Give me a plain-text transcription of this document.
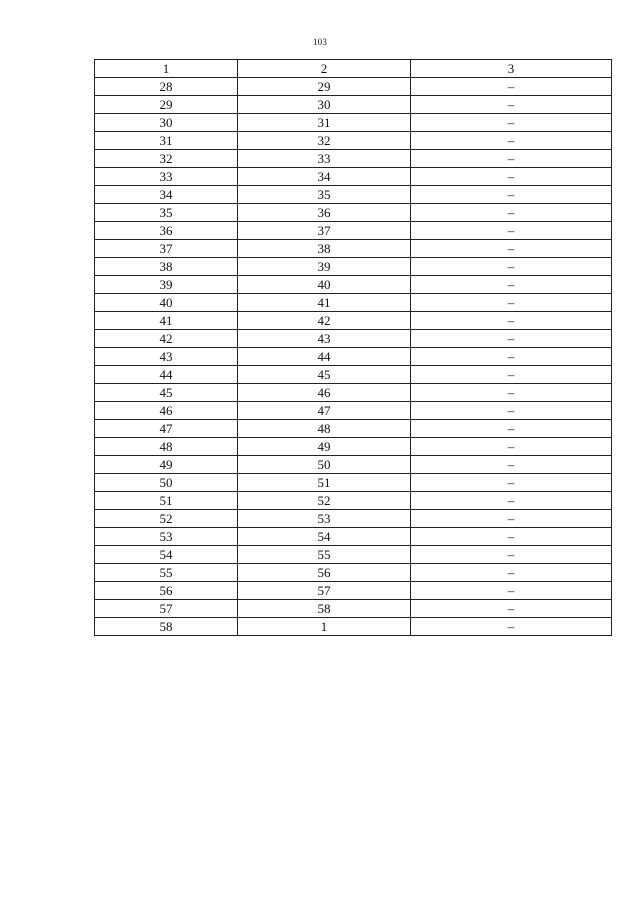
103
1	2	3
28	29	–
29	30	–
30	31	–
31	32	–
32	33	–
33	34	–
34	35	–
35	36	–
36	37	–
37	38	–
38	39	–
39	40	–
40	41	–
41	42	–
42	43	–
43	44	–
44	45	–
45	46	–
46	47	–
47	48	–
48	49	–
49	50	–
50	51	–
51	52	–
52	53	–
53	54	–
54	55	–
55	56	–
56	57	–
57	58	–
58	1	–
